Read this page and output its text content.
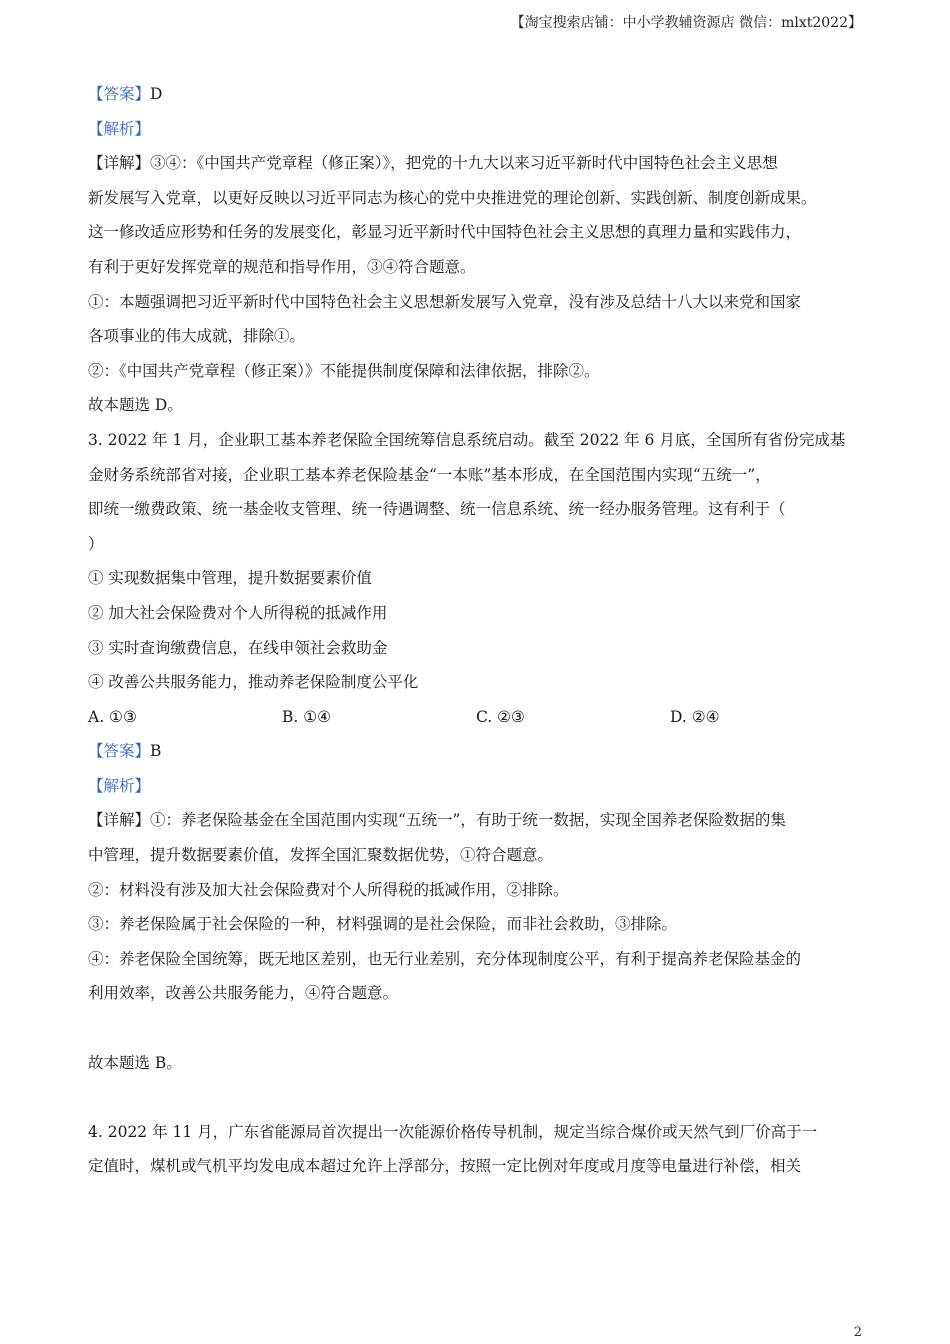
【淘宝搜索店铺：中小学教辅资源店 微信：mlxt2022】
【答案】D
【解析】
【详解】③④：《中国共产党章程（修正案）》，把党的十九大以来习近平新时代中国特色社会主义思想
新发展写入党章，以更好反映以习近平同志为核心的党中央推进党的理论创新、实践创新、制度创新成果。
这一修改适应形势和任务的发展变化，彰显习近平新时代中国特色社会主义思想的真理力量和实践伟力，
有利于更好发挥党章的规范和指导作用，③④符合题意。
①：本题强调把习近平新时代中国特色社会主义思想新发展写入党章，没有涉及总结十八大以来党和国家
各项事业的伟大成就，排除①。
②：《中国共产党章程（修正案）》不能提供制度保障和法律依据，排除②。
故本题选 D。
3. 2022 年 1 月，企业职工基本养老保险全国统筹信息系统启动。截至 2022 年 6 月底，全国所有省份完成基
金财务系统部省对接，企业职工基本养老保险基金“一本账”基本形成，在全国范围内实现“五统一”，
即统一缴费政策、统一基金收支管理、统一待遇调整、统一信息系统、统一经办服务管理。这有利于（
）
① 实现数据集中管理，提升数据要素价值
② 加大社会保险费对个人所得税的抵减作用
③ 实时查询缴费信息，在线申领社会救助金
④ 改善公共服务能力，推动养老保险制度公平化
A. ①③	B. ①④	C. ②③	D. ②④
【答案】B
【解析】
【详解】①：养老保险基金在全国范围内实现“五统一”，有助于统一数据，实现全国养老保险数据的集
中管理，提升数据要素价值，发挥全国汇聚数据优势，①符合题意。
②：材料没有涉及加大社会保险费对个人所得税的抵减作用，②排除。
③：养老保险属于社会保险的一种，材料强调的是社会保险，而非社会救助，③排除。
④：养老保险全国统筹，既无地区差别，也无行业差别，充分体现制度公平，有利于提高养老保险基金的
利用效率，改善公共服务能力，④符合题意。
故本题选 B。
4. 2022 年 11 月，广东省能源局首次提出一次能源价格传导机制，规定当综合煤价或天然气到厂价高于一
定值时，煤机或气机平均发电成本超过允许上浮部分，按照一定比例对年度或月度等电量进行补偿，相关
2
